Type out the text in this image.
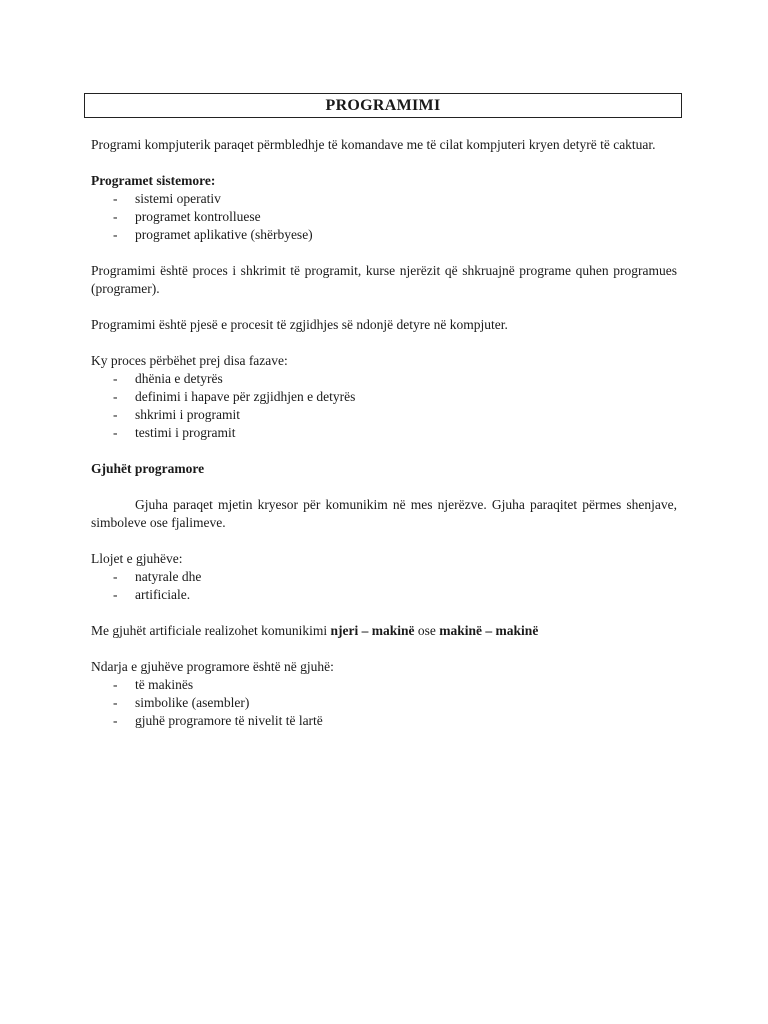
PROGRAMIMI

Programi kompjuterik paraqet përmbledhje të komandave me të cilat kompjuteri kryen detyrë të caktuar.

Programet sistemore:
- sistemi operativ
- programet kontrolluese
- programet aplikative (shërbyese)

Programimi është proces i shkrimit të programit, kurse njerëzit që shkruajnë programe quhen programues (programer).

Programimi është pjesë e procesit të zgjidhjes së ndonjë detyre në kompjuter.

Ky proces përbëhet prej disa fazave:

- dhënia e detyrës
- definimi i hapave për zgjidhjen e detyrës
- shkrimi i programit
- testimi i programit
Gjuhët programore

Gjuha paraqet mjetin kryesor për komunikim në mes njerëzve. Gjuha paraqitet përmes shenjave, simboleve ose fjalimeve.

Llojet e gjuhëve:

- natyrale dhe
- artificiale.

Me gjuhët artificiale realizohet komunikimi njeri – makinë ose makinë – makinë

Ndarja e gjuhëve programore është në gjuhë:

- të makinës
- simbolike (asembler)
- gjuhë programore të nivelit të lartë
